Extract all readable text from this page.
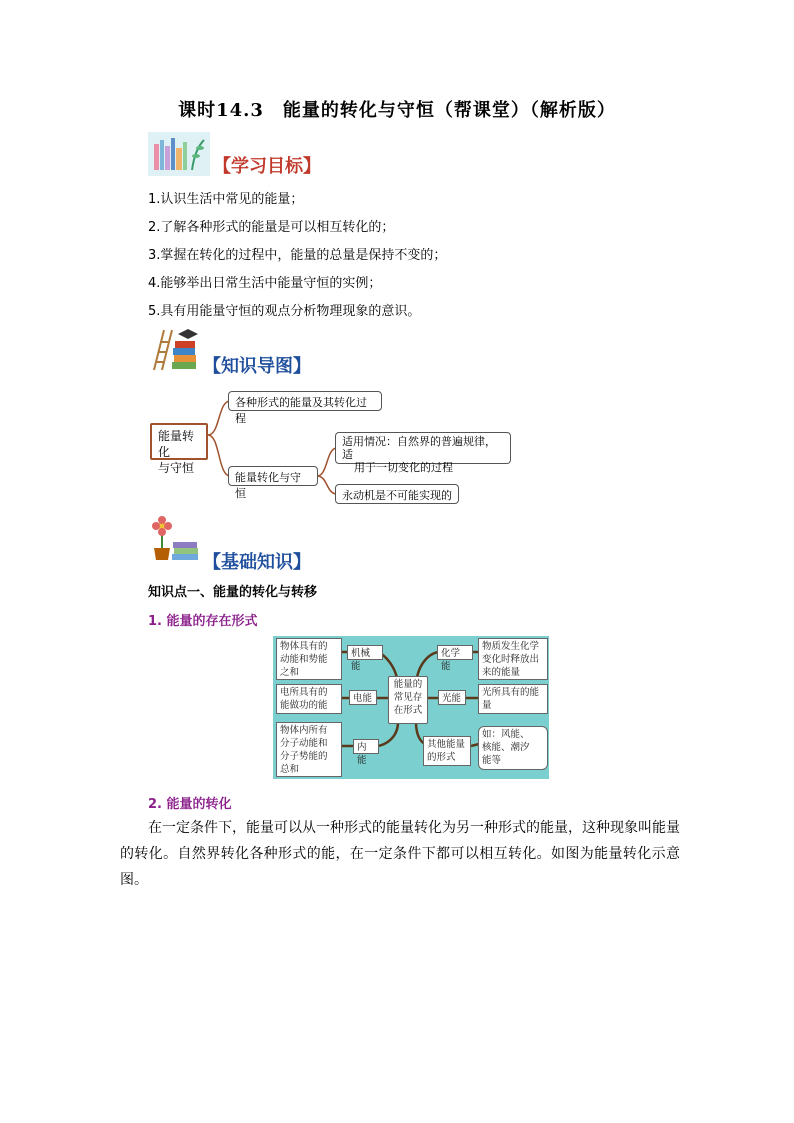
课时14.3　能量的转化与守恒（帮课堂）（解析版）
【学习目标】
1.认识生活中常见的能量；
2.了解各种形式的能量是可以相互转化的；
3.掌握在转化的过程中，能量的总量是保持不变的；
4.能够举出日常生活中能量守恒的实例；
5.具有用能量守恒的观点分析物理现象的意识。
【知识导图】
能量转化
与守恒
各种形式的能量及其转化过程
能量转化与守恒
适用情况：自然界的普遍规律，适
用于一切变化的过程
永动机是不可能实现的
【基础知识】
知识点一、能量的转化与转移
1. 能量的存在形式
能量的
常见存
在形式
机械能
物体具有的
动能和势能
之和
电能
电所具有的
能做功的能
内能
物体内所有
分子动能和
分子势能的
总和
化学能
物质发生化学
变化时释放出
来的能量
光能
光所具有的能
量
其他能量
的形式
如：风能、
核能、潮汐
能等
2. 能量的转化

在一定条件下，能量可以从一种形式的能量转化为另一种形式的能量，这种现象叫能量的转化。自然界转化各种形式的能，在一定条件下都可以相互转化。如图为能量转化示意图。
